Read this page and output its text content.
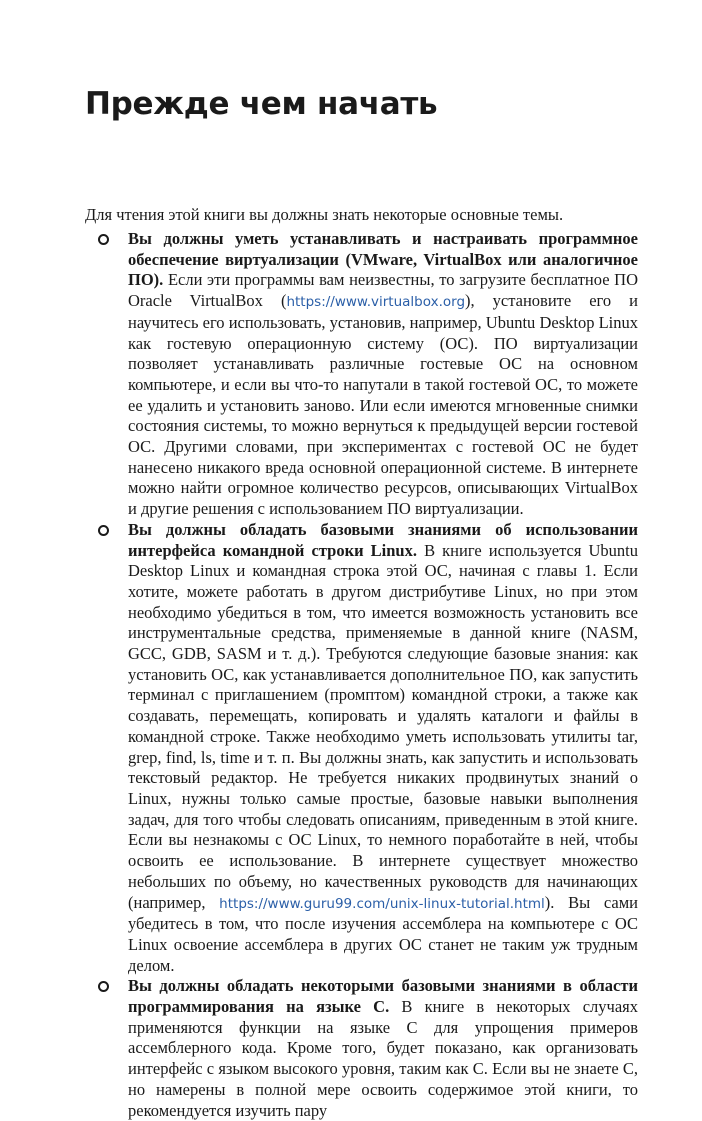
Прежде чем начать

Для чтения этой книги вы должны знать некоторые основные темы.

Вы должны уметь устанавливать и настраивать программное обеспечение виртуализации (VMware, VirtualBox или аналогичное ПО). Если эти программы вам неизвестны, то загрузите бесплатное ПО Oracle VirtualBox (https://www.virtualbox.org), установите его и научитесь его использовать, установив, например, Ubuntu Desktop Linux как гостевую операционную систему (ОС). ПО виртуализации позволяет устанавливать различные гостевые ОС на основном компьютере, и если вы что-то напутали в такой гостевой ОС, то можете ее удалить и установить заново. Или если имеются мгновенные снимки состояния системы, то можно вернуться к предыдущей версии гостевой ОС. Другими словами, при экспериментах с гостевой ОС не будет нанесено никакого вреда основной операционной системе. В интернете можно найти огромное количество ресурсов, описывающих VirtualBox и другие решения с использованием ПО виртуализации.

Вы должны обладать базовыми знаниями об использовании интерфейса командной строки Linux. В книге используется Ubuntu Desktop Linux и командная строка этой ОС, начиная с главы 1. Если хотите, можете работать в другом дистрибутиве Linux, но при этом необходимо убедиться в том, что имеется возможность установить все инструментальные средства, применяемые в данной книге (NASM, GCC, GDB, SASM и т. д.). Требуются следующие базовые знания: как установить ОС, как устанавливается дополнительное ПО, как запустить терминал с приглашением (промптом) командной строки, а также как создавать, перемещать, копировать и удалять каталоги и файлы в командной строке. Также необходимо уметь использовать утилиты tar, grep, find, ls, time и т. п. Вы должны знать, как запустить и использовать текстовый редактор. Не требуется никаких продвинутых знаний о Linux, нужны только самые простые, базовые навыки выполнения задач, для того чтобы следовать описаниям, приведенным в этой книге. Если вы незнакомы с ОС Linux, то немного поработайте в ней, чтобы освоить ее использование. В интернете существует множество небольших по объему, но качественных руководств для начинающих (например, https://www.guru99.com/unix-linux-tutorial.html). Вы сами убедитесь в том, что после изучения ассемблера на компьютере с ОС Linux освоение ассемблера в других ОС станет не таким уж трудным делом.

Вы должны обладать некоторыми базовыми знаниями в области программирования на языке С. В книге в некоторых случаях применяются функции на языке С для упрощения примеров ассемблерного кода. Кроме того, будет показано, как организовать интерфейс с языком высокого уровня, таким как С. Если вы не знаете С, но намерены в полной мере освоить содержимое этой книги, то рекомендуется изучить пару
